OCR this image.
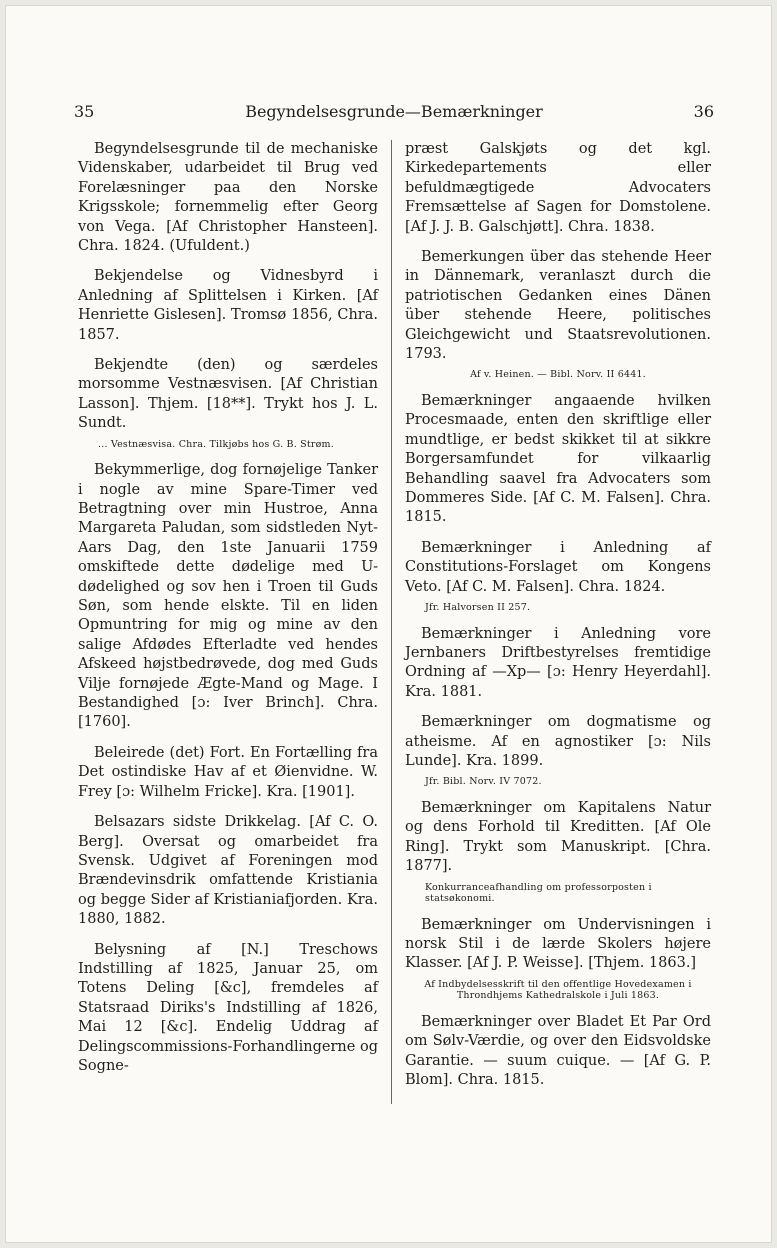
35	Begyndelsesgrunde—Bemærkninger	36

Begyndelsesgrunde til de mechaniske Videnskaber, udarbeidet til Brug ved Forelæsninger paa den Norske Krigsskole; fornemmelig efter Georg von Vega. [Af Christopher Hansteen]. Chra. 1824. (Ufuldent.)

Bekjendelse og Vidnesbyrd i Anledning af Splittelsen i Kirken. [Af Henriette Gislesen]. Tromsø 1856, Chra. 1857.

Bekjendte (den) og særdeles morsomme Vestnæsvisen. [Af Christian Lasson]. Thjem. [18**]. Trykt hos J. L. Sundt.

... Vestnæsvisa. Chra. Tilkjøbs hos G. B. Strøm.

Bekymmerlige, dog fornøjelige Tanker i nogle av mine Spare-Timer ved Betragtning over min Hustroe, Anna Margareta Paludan, som sidstleden Nyt-Aars Dag, den 1ste Januarii 1759 omskiftede dette dødelige med U-dødelighed og sov hen i Troen til Guds Søn, som hende elskte. Til en liden Opmuntring for mig og mine av den salige Afdødes Efterladte ved hendes Afskeed højstbedrøvede, dog med Guds Vilje fornøjede Ægte-Mand og Mage. I Bestandighed [ɔ: Iver Brinch]. Chra. [1760].

Beleirede (det) Fort. En Fortælling fra Det ostindiske Hav af et Øienvidne. W. Frey [ɔ: Wilhelm Fricke]. Kra. [1901].

Belsazars sidste Drikkelag. [Af C. O. Berg]. Oversat og omarbeidet fra Svensk. Udgivet af Foreningen mod Brændevinsdrik omfattende Kristiania og begge Sider af Kristianiafjorden. Kra. 1880, 1882.

Belysning af [N.] Treschows Indstilling af 1825, Januar 25, om Totens Deling [&c], fremdeles af Statsraad Diriks's Indstilling af 1826, Mai 12 [&c]. Endelig Uddrag af Delingscommissions-Forhandlingerne og Sogne-

præst Galskjøts og det kgl. Kirkedepartements eller befuldmægtigede Advocaters Fremsættelse af Sagen for Domstolene. [Af J. J. B. Galschjøtt]. Chra. 1838.

Bemerkungen über das stehende Heer in Dännemark, veranlaszt durch die patriotischen Gedanken eines Dänen über stehende Heere, politisches Gleichgewicht und Staatsrevolutionen. 1793.

Af v. Heinen. — Bibl. Norv. II 6441.

Bemærkninger angaaende hvilken Procesmaade, enten den skriftlige eller mundtlige, er bedst skikket til at sikkre Borgersamfundet for vilkaarlig Behandling saavel fra Advocaters som Dommeres Side. [Af C. M. Falsen]. Chra. 1815.

Bemærkninger i Anledning af Constitutions-Forslaget om Kongens Veto. [Af C. M. Falsen]. Chra. 1824.

Jfr. Halvorsen II 257.

Bemærkninger i Anledning vore Jernbaners Driftbestyrelses fremtidige Ordning af —Xp— [ɔ: Henry Heyerdahl]. Kra. 1881.

Bemærkninger om dogmatisme og atheisme. Af en agnostiker [ɔ: Nils Lunde]. Kra. 1899.

Jfr. Bibl. Norv. IV 7072.

Bemærkninger om Kapitalens Natur og dens Forhold til Kreditten. [Af Ole Ring]. Trykt som Manuskript. [Chra. 1877].

Konkurranceafhandling om professorposten i statsøkonomi.

Bemærkninger om Undervisningen i norsk Stil i de lærde Skolers højere Klasser. [Af J. P. Weisse]. [Thjem. 1863.]

Af Indbydelsesskrift til den offentlige Hovedexamen i Throndhjems Kathedralskole i Juli 1863.

Bemærkninger over Bladet Et Par Ord om Sølv-Værdie, og over den Eidsvoldske Garantie. — suum cuique. — [Af G. P. Blom]. Chra. 1815.
